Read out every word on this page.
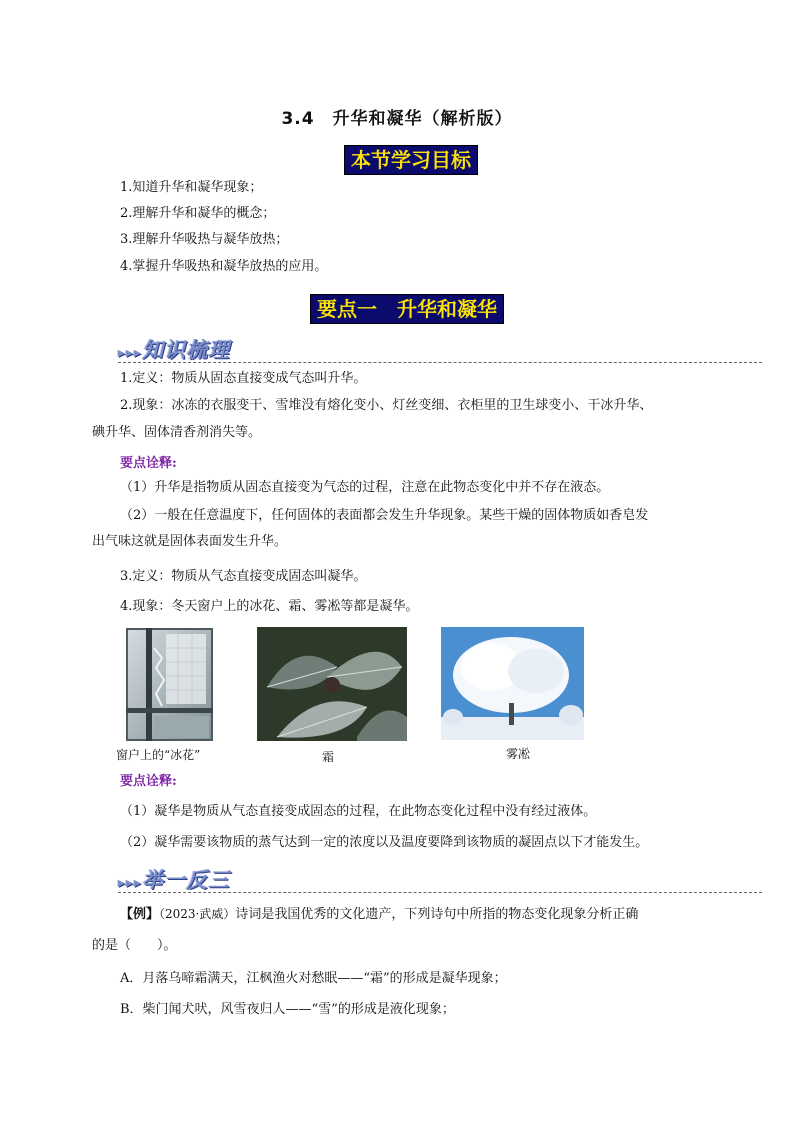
3.4　升华和凝华（解析版）
本节学习目标
1.知道升华和凝华现象；
2.理解升华和凝华的概念；
3.理解升华吸热与凝华放热；
4.掌握升华吸热和凝华放热的应用。
要点一　升华和凝华
▸▸▸知识梳理
1.定义：物质从固态直接变成气态叫升华。
2.现象：冰冻的衣服变干、雪堆没有熔化变小、灯丝变细、衣柜里的卫生球变小、干冰升华、
碘升华、固体清香剂消失等。
要点诠释:
（1）升华是指物质从固态直接变为气态的过程，注意在此物态变化中并不存在液态。
（2）一般在任意温度下，任何固体的表面都会发生升华现象。某些干燥的固体物质如香皂发
出气味这就是固体表面发生升华。
3.定义：物质从气态直接变成固态叫凝华。
4.现象：冬天窗户上的冰花、霜、雾凇等都是凝华。
窗户上的“冰花”	霜	雾凇
要点诠释:
（1）凝华是物质从气态直接变成固态的过程，在此物态变化过程中没有经过液体。
（2）凝华需要该物质的蒸气达到一定的浓度以及温度要降到该物质的凝固点以下才能发生。
▸▸▸举一反三
【例】（2023·武威）诗词是我国优秀的文化遗产，下列诗句中所指的物态变化现象分析正确
的是（　　）。
A．月落乌啼霜满天，江枫渔火对愁眠——“霜”的形成是凝华现象；
B．柴门闻犬吠，风雪夜归人——“雪”的形成是液化现象；
